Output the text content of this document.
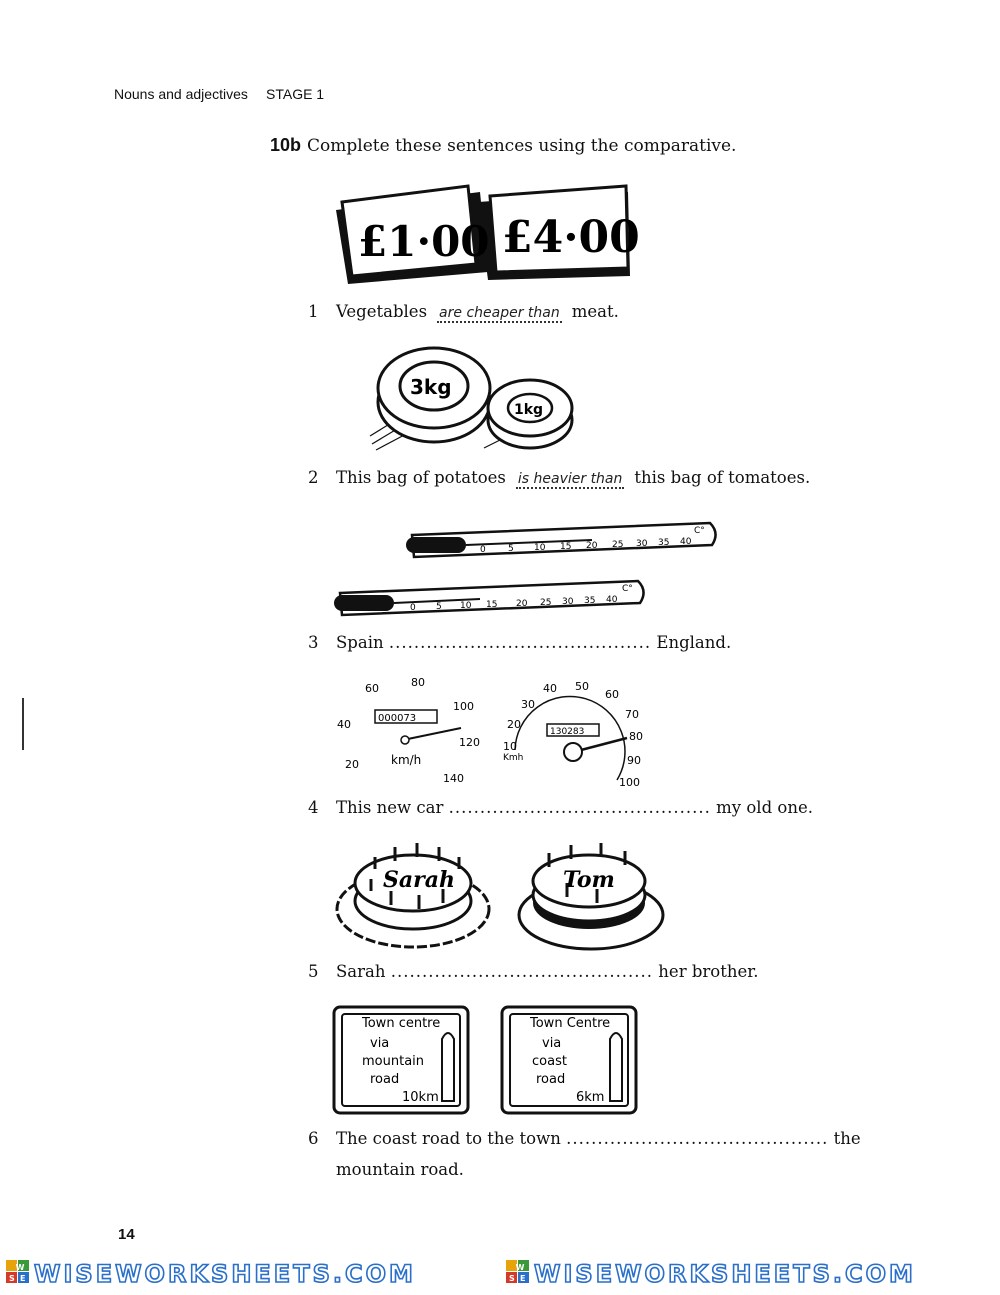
Nouns and adjectives STAGE 1
10b Complete these sentences using the comparative.
£1·00 £4·00
1 Vegetables are cheaper than meat.
3kg
1kg
2 This bag of potatoes is heavier than this bag of tomatoes.
0 5 10 15 20 25 30 35 40
C°
0 5 10 15 20 25 30 35 40
C°
3 Spain .......................................... England.
20
40
60	80
100
120
140
km/h
000073
10
20
30
40 50
60
70
80
90
100
Kmh
130283
4 This new car .......................................... my old one.
Sarah	Tom
5 Sarah .......................................... her brother.
Town centre
via
mountain
road
10km
Town Centre
via
coast
road
6km
6 The coast road to the town .......................................... the
mountain road.
14
W
S E WISEWORKSHEETS.COM	W
S E WISEWORKSHEETS.COM
